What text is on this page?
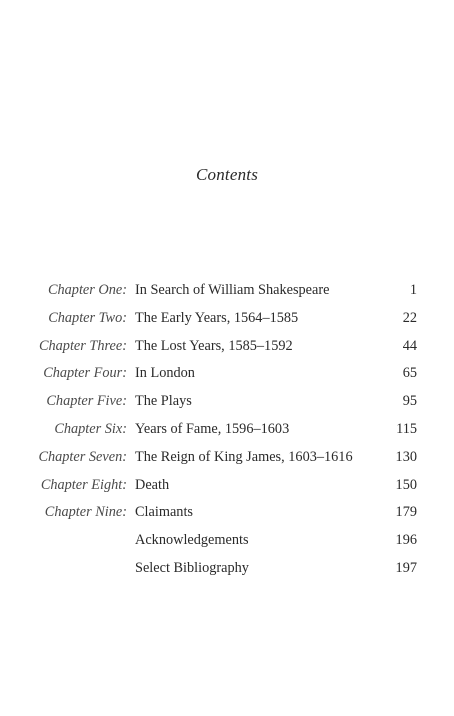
Contents
Chapter One: In Search of William Shakespeare	1
Chapter Two: The Early Years, 1564–1585	22
Chapter Three: The Lost Years, 1585–1592	44
Chapter Four: In London	65
Chapter Five: The Plays	95
Chapter Six: Years of Fame, 1596–1603	115
Chapter Seven: The Reign of King James, 1603–1616	130
Chapter Eight: Death	150
Chapter Nine: Claimants	179
Acknowledgements	196
Select Bibliography	197
